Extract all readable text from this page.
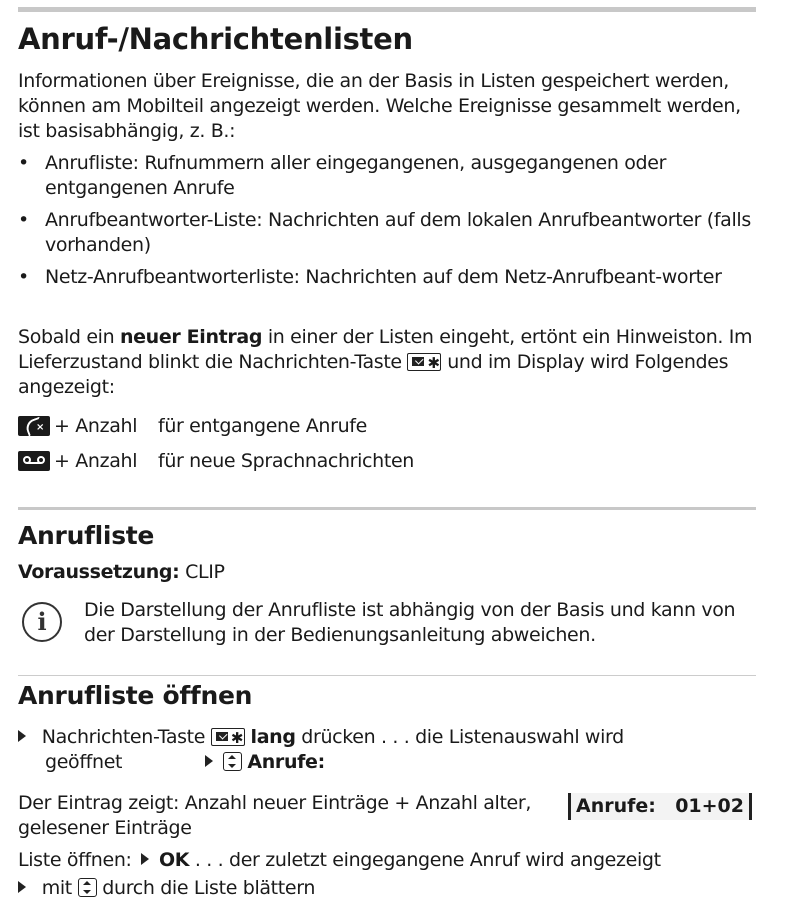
Anruf-/Nachrichtenlisten
Informationen über Ereignisse, die an der Basis in Listen gespeichert werden, können am Mobilteil angezeigt werden. Welche Ereignisse gesammelt werden, ist basisabhängig, z. B.:
• Anrufliste: Rufnummern aller eingegangenen, ausgegangenen oder entgangenen Anrufe
• Anrufbeantworter-Liste: Nachrichten auf dem lokalen Anrufbeantworter (falls vorhanden)
• Netz-Anrufbeantworterliste: Nachrichten auf dem Netz-Anrufbeant-worter
Sobald ein neuer Eintrag in einer der Listen eingeht, ertönt ein Hinweiston. Im Lieferzustand blinkt die Nachrichten-Taste ✱ und im Display wird Folgendes angezeigt:
× + Anzahl für entgangene Anrufe
+ Anzahl für neue Sprachnachrichten
Anrufliste
Voraussetzung: CLIP
i	Die Darstellung der Anrufliste ist abhängig von der Basis und kann von der Darstellung in der Bedienungsanleitung abweichen.
Anrufliste öffnen
Nachrichten-Taste ✱ lang drücken . . . die Listenauswahl wird

Anrufe:
geöffnet
Der Eintrag zeigt: Anzahl neuer Einträge + Anzahl alter, gelesener Einträge
Anrufe: 01+02
Liste öffnen: OK . . . der zuletzt eingegangene Anruf wird angezeigt
mit durch die Liste blättern
